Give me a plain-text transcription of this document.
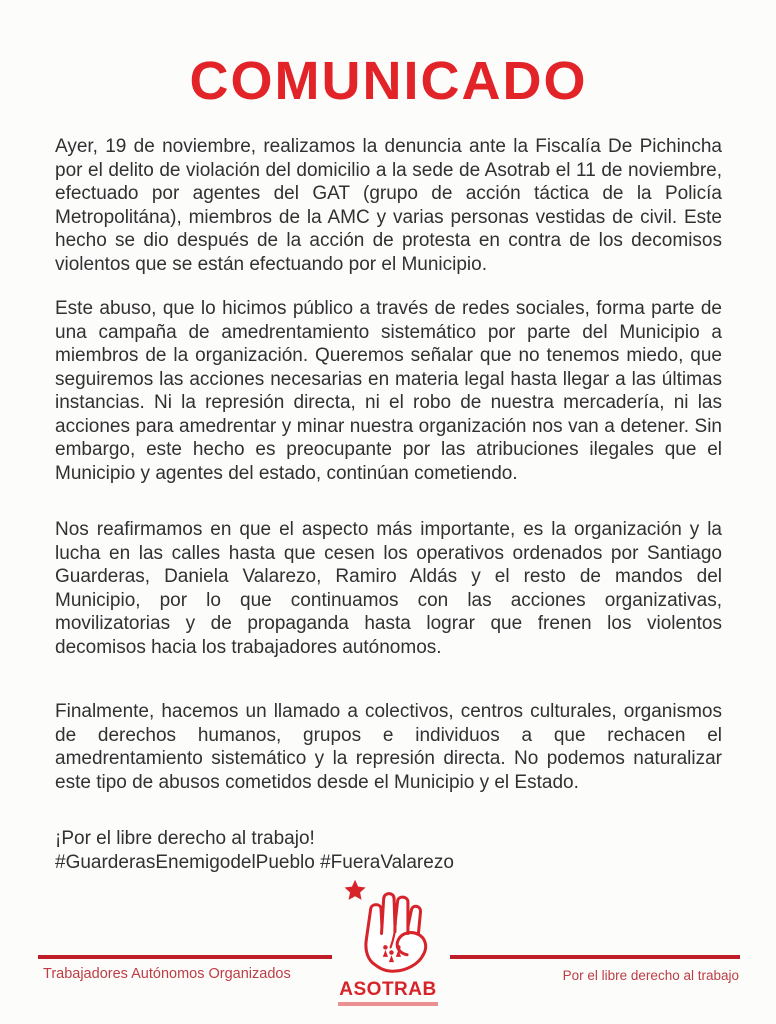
COMUNICADO

Ayer, 19 de noviembre, realizamos la denuncia ante la Fiscalía De Pichincha por el delito de violación del domicilio a la sede de Asotrab el 11 de noviembre, efectuado por agentes del GAT (grupo de acción táctica de la Policía Metropolitána), miembros de la AMC y varias personas vestidas de civil. Este hecho se dio después de la acción de protesta en contra de los decomisos violentos que se están efectuando por el Municipio.

Este abuso, que lo hicimos público a través de redes sociales, forma parte de una campaña de amedrentamiento sistemático por parte del Municipio a miembros de la organización. Queremos señalar que no tenemos miedo, que seguiremos las acciones necesarias en materia legal hasta llegar a las últimas instancias. Ni la represión directa, ni el robo de nuestra mercadería, ni las acciones para amedrentar y minar nuestra organización nos van a detener. Sin embargo, este hecho es preocupante por las atribuciones ilegales que el Municipio y agentes del estado, continúan cometiendo.

Nos reafirmamos en que el aspecto más importante, es la organización y la lucha en las calles hasta que cesen los operativos ordenados por Santiago Guarderas, Daniela Valarezo, Ramiro Aldás y el resto de mandos del Municipio, por lo que continuamos con las acciones organizativas, movilizatorias y de propaganda hasta lograr que frenen los violentos decomisos hacia los trabajadores autónomos.

Finalmente, hacemos un llamado a colectivos, centros culturales, organismos de derechos humanos, grupos e individuos a que rechacen el amedrentamiento sistemático y la represión directa. No podemos naturalizar este tipo de abusos cometidos desde el Municipio y el Estado.

¡Por el libre derecho al trabajo!
#GuarderasEnemigodelPueblo #FueraValarezo
ASOTRAB
Trabajadores Autónomos Organizados	Por el libre derecho al trabajo
